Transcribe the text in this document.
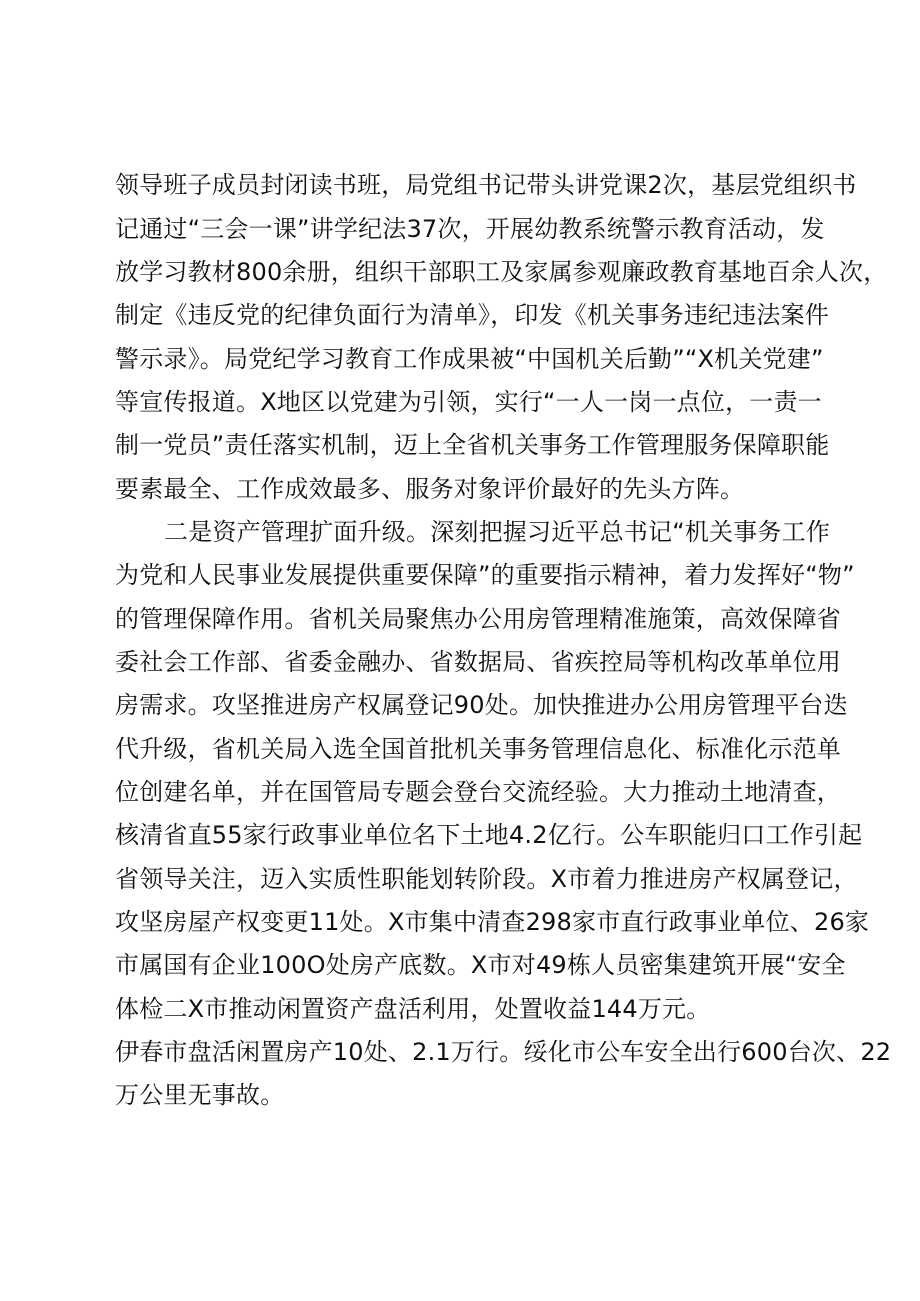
领导班子成员封闭读书班，局党组书记带头讲党课2次，基层党组织书
记通过“三会一课”讲学纪法37次，开展幼教系统警示教育活动，发
放学习教材800余册，组织干部职工及家属参观廉政教育基地百余人次，
制定《违反党的纪律负面行为清单》，印发《机关事务违纪违法案件
警示录》。局党纪学习教育工作成果被“中国机关后勤”“X机关党建”
等宣传报道。X地区以党建为引领，实行“一人一岗一点位，一责一
制一党员”责任落实机制，迈上全省机关事务工作管理服务保障职能
要素最全、工作成效最多、服务对象评价最好的先头方阵。
二是资产管理扩面升级。深刻把握习近平总书记“机关事务工作
为党和人民事业发展提供重要保障”的重要指示精神，着力发挥好“物”
的管理保障作用。省机关局聚焦办公用房管理精准施策，高效保障省
委社会工作部、省委金融办、省数据局、省疾控局等机构改革单位用
房需求。攻坚推进房产权属登记90处。加快推进办公用房管理平台迭
代升级，省机关局入选全国首批机关事务管理信息化、标准化示范单
位创建名单，并在国管局专题会登台交流经验。大力推动土地清查，
核清省直55家行政事业单位名下土地4.2亿行。公车职能归口工作引起
省领导关注，迈入实质性职能划转阶段。X市着力推进房产权属登记，
攻坚房屋产权变更11处。X市集中清查298家市直行政事业单位、26家
市属国有企业100O处房产底数。X市对49栋人员密集建筑开展“安全
体检二X市推动闲置资产盘活利用，处置收益144万元。
伊春市盘活闲置房产10处、2.1万行。绥化市公车安全出行600台次、22
万公里无事故。
